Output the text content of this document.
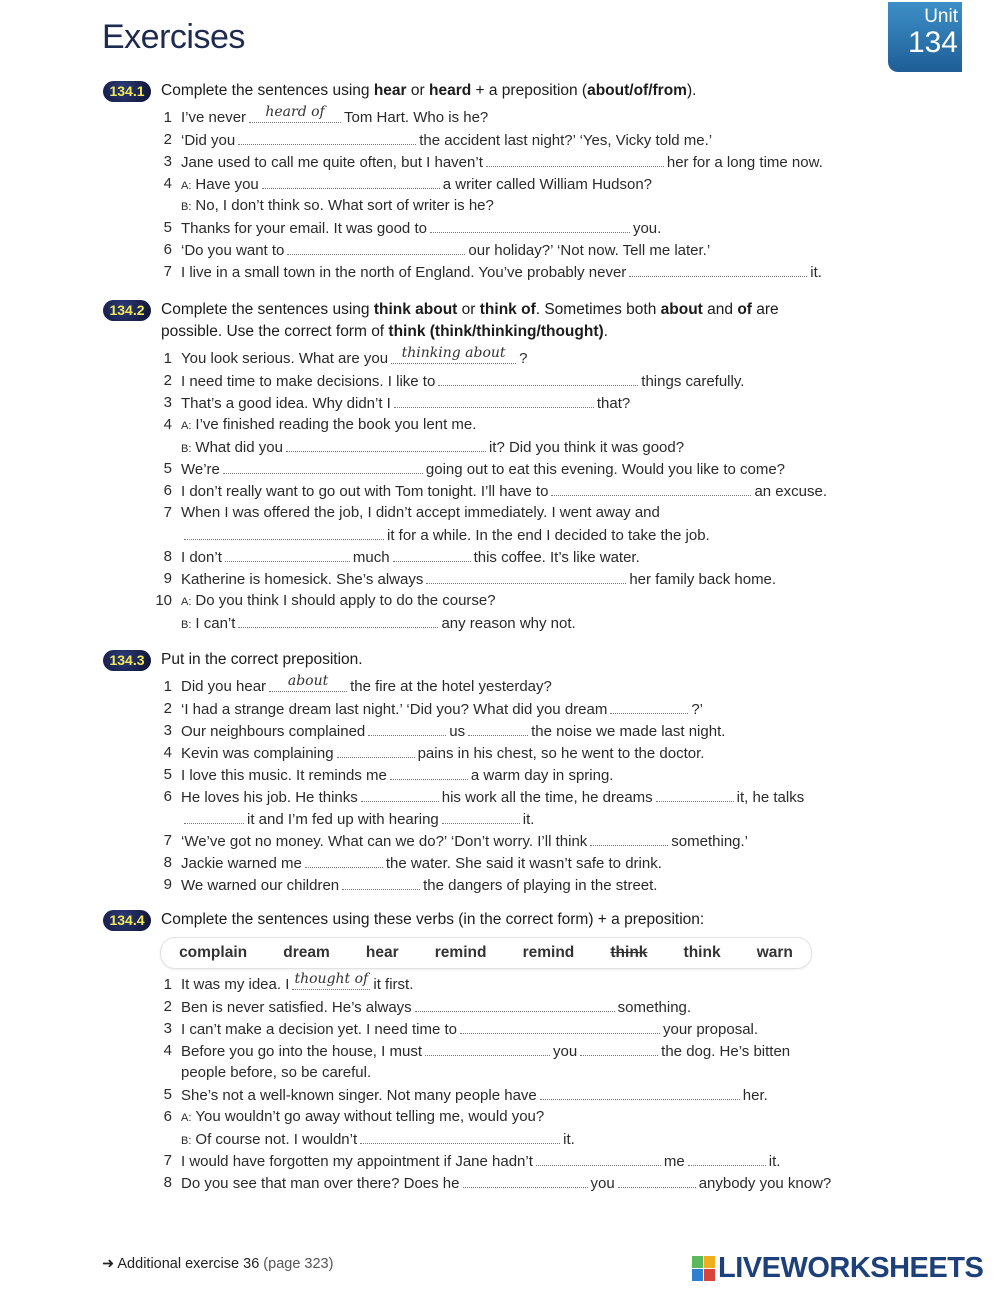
Exercises
Unit
134
134.1	Complete the sentences using hear or heard + a preposition (about/of/from).
1 I’ve never heard of Tom Hart. Who is he?
2 ‘Did you	the accident last night?’ ‘Yes, Vicky told me.’
3 Jane used to call me quite often, but I haven’t	her for a long time now.
4 A: Have you	a writer called William Hudson?
B: No, I don’t think so. What sort of writer is he?
5 Thanks for your email. It was good to	you.
6 ‘Do you want to	our holiday?’ ‘Not now. Tell me later.’
7 I live in a small town in the north of England. You’ve probably never	it.
134.2	Complete the sentences using think about or think of. Sometimes both about and of are
possible. Use the correct form of think (think/thinking/thought).
1 You look serious. What are you thinking about ?
2 I need time to make decisions. I like to	things carefully.
3 That’s a good idea. Why didn’t I	that?
4 A: I’ve finished reading the book you lent me.
B: What did you	it? Did you think it was good?
5 We’re	going out to eat this evening. Would you like to come?
6 I don’t really want to go out with Tom tonight. I’ll have to	an excuse.
7 When I was offered the job, I didn’t accept immediately. I went away and
it for a while. In the end I decided to take the job.
8 I don’t	much	this coffee. It’s like water.
9 Katherine is homesick. She’s always	her family back home.
10 A: Do you think I should apply to do the course?
B: I can’t	any reason why not.
134.3	Put in the correct preposition.
1 Did you hear about the fire at the hotel yesterday?
2 ‘I had a strange dream last night.’ ‘Did you? What did you dream	?’
3 Our neighbours complained	us	the noise we made last night.
4 Kevin was complaining	pains in his chest, so he went to the doctor.
5 I love this music. It reminds me	a warm day in spring.
6 He loves his job. He thinks	his work all the time, he dreams	it, he talks
it and I’m fed up with hearing	it.
7 ‘We’ve got no money. What can we do?’ ‘Don’t worry. I’ll think	something.’
8 Jackie warned me	the water. She said it wasn’t safe to drink.
9 We warned our children	the dangers of playing in the street.
134.4	Complete the sentences using these verbs (in the correct form) + a preposition:
complain dream hear remind remind think think warn
1 It was my idea. I thought of it first.
2 Ben is never satisfied. He’s always	something.
3 I can’t make a decision yet. I need time to	your proposal.
4 Before you go into the house, I must	you	the dog. He’s bitten
people before, so be careful.
5 She’s not a well-known singer. Not many people have	her.
6 A: You wouldn’t go away without telling me, would you?
B: Of course not. I wouldn’t	it.
7 I would have forgotten my appointment if Jane hadn’t	me	it.
8 Do you see that man over there? Does he	you	anybody you know?
➜ Additional exercise 36 (page 323)	LIVEWORKSHEETS
